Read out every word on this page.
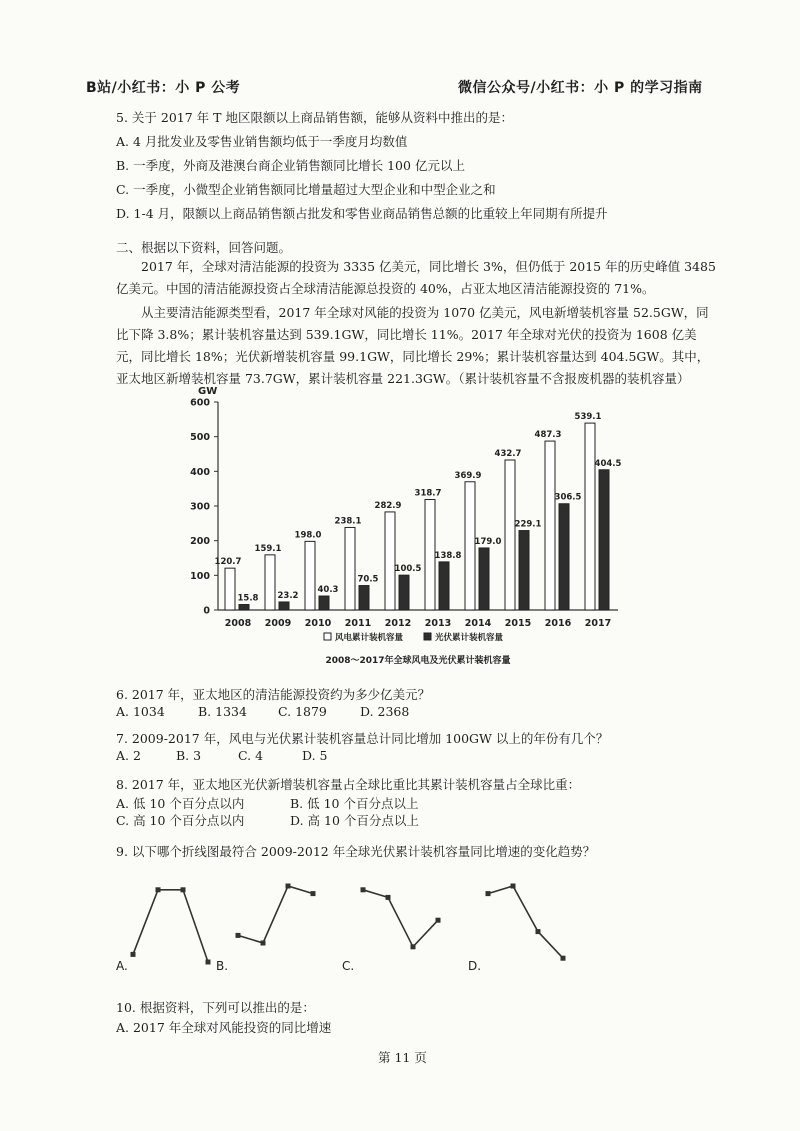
B站/小红书：小 P 公考	微信公众号/小红书：小 P 的学习指南
5. 关于 2017 年 T 地区限额以上商品销售额，能够从资料中推出的是：
A. 4 月批发业及零售业销售额均低于一季度月均数值
B. 一季度，外商及港澳台商企业销售额同比增长 100 亿元以上
C. 一季度，小微型企业销售额同比增量超过大型企业和中型企业之和
D. 1-4 月，限额以上商品销售额占批发和零售业商品销售总额的比重较上年同期有所提升
二、根据以下资料，回答问题。
2017 年，全球对清洁能源的投资为 3335 亿美元，同比增长 3%，但仍低于 2015 年的历史峰值 3485 亿美元。中国的清洁能源投资占全球清洁能源总投资的 40%，占亚太地区清洁能源投资的 71%。
从主要清洁能源类型看，2017 年全球对风能的投资为 1070 亿美元，风电新增装机容量 52.5GW，同比下降 3.8%；累计装机容量达到 539.1GW，同比增长 11%。2017 年全球对光伏的投资为 1608 亿美元，同比增长 18%；光伏新增装机容量 99.1GW，同比增长 29%；累计装机容量达到 404.5GW。其中，亚太地区新增装机容量 73.7GW，累计装机容量 221.3GW。（累计装机容量不含报废机器的装机容量）
GW
0
100
200
300
400
500
600
2008
120.7
15.8
2009
159.1
23.2
2010
198.0
40.3
2011
238.1
70.5
2012
282.9
100.5
2013
318.7
138.8
2014
369.9
179.0
2015
432.7
229.1
2016
487.3
306.5
2017
539.1
404.5
风电累计装机容量	光伏累计装机容量
2008～2017年全球风电及光伏累计装机容量
6. 2017 年，亚太地区的清洁能源投资约为多少亿美元？
A. 1034	B. 1334 C. 1879	D. 2368
7. 2009-2017 年，风电与光伏累计装机容量总计同比增加 100GW 以上的年份有几个？
A. 2	B. 3	C. 4	D. 5
8. 2017 年，亚太地区光伏新增装机容量占全球比重比其累计装机容量占全球比重：
A. 低 10 个百分点以内	B. 低 10 个百分点以上
C. 高 10 个百分点以内	D. 高 10 个百分点以上
9. 以下哪个折线图最符合 2009-2012 年全球光伏累计装机容量同比增速的变化趋势？
A.	B.	C.	D.
10. 根据资料，下列可以推出的是：
A. 2017 年全球对风能投资的同比增速
第 11 页
